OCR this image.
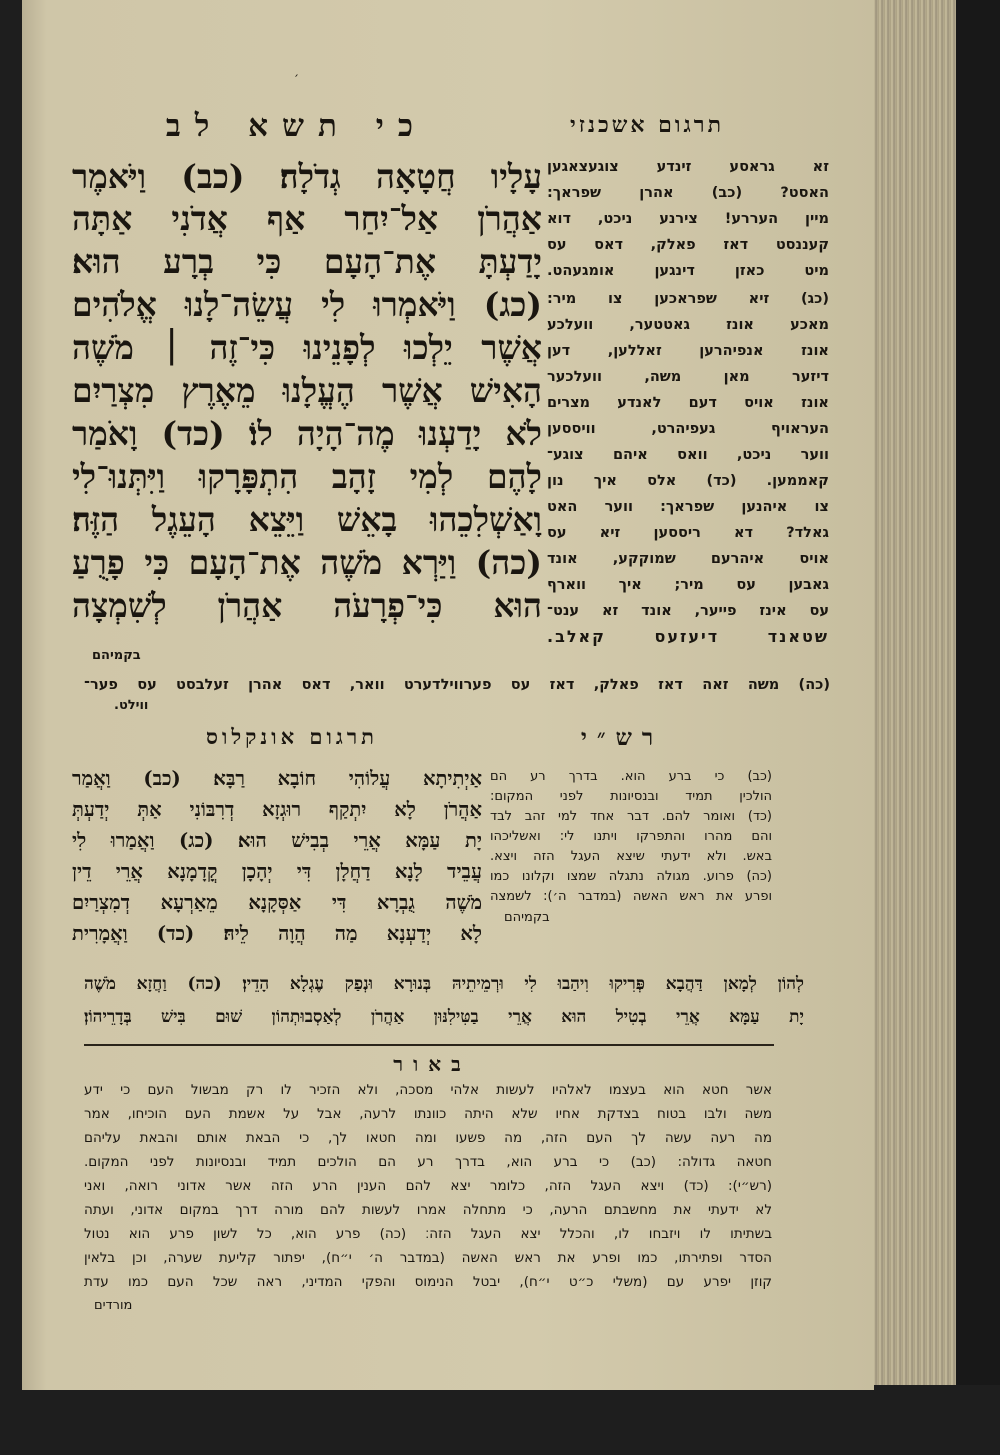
׳
כי תשא לב	תרגום אשכנזי
עָלָיו חֲטָאָה גְדֹלָה׃ (כב) וַיֹּאמֶר
אַהֲרֹן אַל־יִחַר אַף אֲדֹנִי אַתָּה
יָדַעְתָּ אֶת־הָעָם כִּי בְרָע הוּא׃
(כג) וַיֹּאמְרוּ לִי עֲשֵׂה־לָנוּ אֱלֹהִים
אֲשֶׁר יֵלְכוּ לְפָנֵינוּ כִּי־זֶה ׀ מֹשֶׁה
הָאִישׁ אֲשֶׁר הֶעֱלָנוּ מֵאֶרֶץ מִצְרַיִם
לֹא יָדַעְנוּ מֶה־הָיָה לוֹ׃ (כד) וָאֹמַר
לָהֶם לְמִי זָהָב הִתְפָּרָקוּ וַיִּתְּנוּ־לִי
וָאַשְׁלִכֵהוּ בָאֵשׁ וַיֵּצֵא הָעֵגֶל הַזֶּה׃
(כה) וַיַּרְא מֹשֶׁה אֶת־הָעָם כִּי פָרֻעַ
הוּא כִּי־פְרָעֹה אַהֲרֹן לְשִׁמְצָה
בקמיהם
זא גראסע זינדע צוגעצאגען
האסט? (כב) אהרן שפראך:
מיין העררע! צירנע ניכט, דוא
קעננסט דאז פאלק, דאס עס
מיט כאזן דינגען אומגעהט.
(כג) זיא שפראכען צו מיר:
מאכע אונז גאטטער, וועלכע
אונז אנפיהרען זאללען, דען
דיזער מאן משה, וועלכער
אונז אויס דעם לאנדע מצרים
העראויף געפיהרט, וויססען
ווער ניכט, וואס איהם צוגע־
קאממען. (כד) אלס איך נון
צו איהנען שפראך: ווער האט
גאלד? דא ריססען זיא עס
אויס איהרעם שמוקקע, אונד
גאבען עס מיר; איך ווארף
עס אינז פייער, אונד זא ענט־
שטאנד דיעזעס קאלב.
(כה) משה זאה דאז פאלק, דאז עס פערווילדערט וואר, דאס אהרן זעלבסט עס פער־
ווילט.
תרגום אונקלוס	רש״י
אַיְתִיתָא עֲלוֹהִי חוֹבָא רַבָּא׃ (כב) וַאֲמַר
אַהֲרֹן לָא יִתְקַף רוּגְזָא דְרִבּוֹנִי אַתְּ יְדַעְתְּ
יָת עַמָּא אֲרֵי בְבִישׁ הוּא׃ (כג) וַאֲמַרוּ לִי
עֲבֵיד לָנָא דַחֲלָן דִּי יְהָכָן קֳדָמָנָא אֲרֵי דֵין
מֹשֶׁה גֻבְרָא דִּי אַסְּקָנָא מֵאַרְעָא דְמִצְרַיִם
לָא יְדַעְנָא מַה הֲוָה לֵיהּ׃ (כד) וַאֲמָרִית
(כב) כי ברע הוא. בדרך רע הם
הולכין תמיד ובנסיונות לפני המקום:
(כד) ואומר להם. דבר אחד למי זהב לבד
והם מהרו והתפרקו ויתנו לי: ואשליכהו
באש. ולא ידעתי שיצא העגל הזה ויצא.
(כה) פרוע. מגולה נתגלה שמצו וקלונו כמו
ופרע את ראש האשה (במדבר ה׳): לשמצה
בקמיהם
לְהוֹן לְמָאן דַּהֲבָא פְּרִיקוּ וִיהַבוּ לִי וּרְמֵיתֵיהּ בְּנוּרָא וּנְפַק עֶגְלָא הָדֵין׃ (כה) וַחֲזָא מֹשֶׁה
יָת עַמָּא אֲרֵי בְטִיל הוּא אֲרֵי בַטִּילִנּוּן אַהֲרֹן לְאַסְבוּתְהוֹן שׁוּם בִּישׁ בְּדָרֵיהוֹן׃
באור
אשר חטא הוא בעצמו לאלהיו לעשות אלהי מסכה, ולא הזכיר לו רק מבשול העם כי ידע
משה ולבו בטוח בצדקת אחיו שלא היתה כוונתו לרעה, אבל על אשמת העם הוכיחו, אמר
מה רעה עשה לך העם הזה, מה פשעו ומה חטאו לך, כי הבאת אותם והבאת עליהם
חטאה גדולה: (כב) כי ברע הוא, בדרך רע הם הולכים תמיד ובנסיונות לפני המקום.
(רש״י): (כד) ויצא העגל הזה, כלומר יצא להם הענין הרע הזה אשר אדוני רואה, ואני
לא ידעתי את מחשבתם הרעה, כי מתחלה אמרו לעשות להם מורה דרך במקום אדוני, ועתה
בשתיתו לו ויזבחו לו, והכלל יצא העגל הזה׃ (כה) פרע הוא, כל לשון פרע הוא נטול
הסדר ופתירתו, כמו ופרע את ראש האשה (במדבר ה׳ י״ח), יפתור קליעת שערה, וכן בלאין
קוזן יפרע עם (משלי כ״ט י״ח), יבטל הנימוס והפקי המדיני, ראה שכל העם כמו עדת
מורדים
